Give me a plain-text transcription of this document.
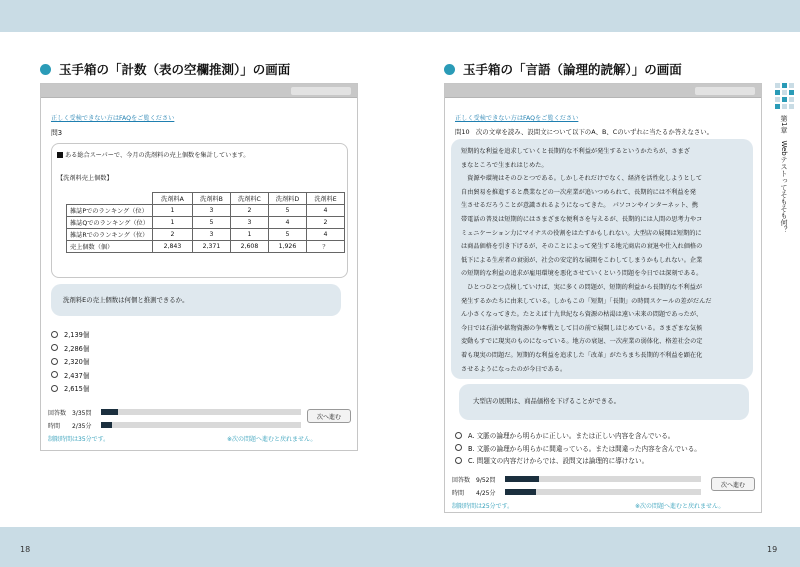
18	19
玉手箱の「計数（表の空欄推測）」の画面
正しく受検できない方はFAQをご覧ください
問3
ある総合スーパーで、今月の洗剤料の売上個数を集計しています。
【洗剤料売上個数】
	洗剤料A	洗剤料B	洗剤料C	洗剤料D	洗剤料E
雑誌Pでのランキング（位）	1	3	2	5	4
雑誌Qでのランキング（位）	1	5	3	4	2
雑誌Rでのランキング（位）	2	3	1	5	4
売上個数（個）	2,843	2,371	2,608	1,926	？
洗剤料Eの売上個数は何個と推測できるか。
2,139個
2,286個
2,320個
2,437個
2,615個
回答数　3/35問
時間　　2/35分
次へ進む
制限時間は35分です。	※次の問題へ進むと戻れません。
玉手箱の「言語（論理的読解）」の画面
正しく受検できない方はFAQをご覧ください
問10　次の文章を読み、設問文について以下のA、B、Cのいずれに当たるか答えなさい。
短期的な利益を追求していくと長期的な不利益が発生するというかたちが、さまざ
まなところで生まれはじめた。
　資源や環境はそのひとつである。しかしそれだけでなく、経済を活性化しようとして
自由貿易を推進すると農業などの一次産業が追いつめられて、長期的には不利益を発
生させるだろうことが意識されるようになってきた。　パソコンやインターネット、携
帯電話の普及は短期的にはさまざまな便利さを与えるが、長期的には人間の思考力やコ
ミュニケーション力にマイナスの役割をはたすかもしれない。大型店の展開は短期的に
は商品価格を引き下げるが、そのことによって発生する地元商店の衰退や仕入れ価格の
低下による生産者の衰弱が、社会の安定的な展開をこわしてしまうかもしれない。企業
の短期的な利益の追求が雇用環境を悪化させていくという問題を今日では深刻である。
　ひとつひとつ点検していけば、実に多くの問題が、短期的利益から長期的な不利益が
発生するかたちに由来している。しかもこの「短期」「長期」の時間スケールの差がだんだ
ん小さくなってきた。たとえば十九世紀なら資源の枯渇は遠い未来の問題であったが、
今日では石油や鉱物資源の争奪戦として目の前で展開しはじめている。さまざまな気候
変動もすでに現実のものになっている。地方の衰退、一次産業の弱体化、格差社会の定
着も現実の問題だ。短期的な利益を追求した「改革」がたちまち長期的不利益を顕在化
させるようになったのが今日である。
大型店の展開は、商品価格を下げることができる。
A. 文脈の論理から明らかに正しい。または正しい内容を含んでいる。
B. 文脈の論理から明らかに間違っている。または間違った内容を含んでいる。
C. 問題文の内容だけからでは、設問文は論理的に導けない。
回答数　9/52問
時間　　4/25分
次へ進む
制限時間は25分です。	※次の問題へ進むと戻れません。
第1章　Webテストってそもそも何？
